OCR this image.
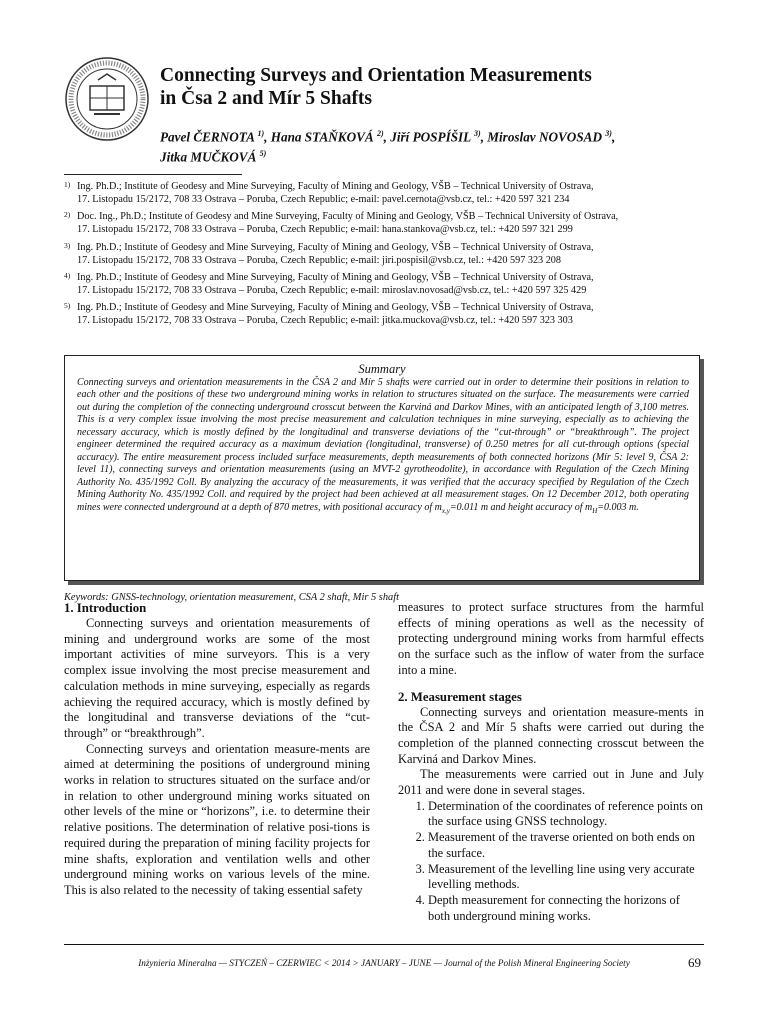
Connecting Surveys and Orientation Measurements
in Čsa 2 and Mír 5 Shafts
Pavel ČERNOTA $^{1)}$, Hana STAŇKOVÁ $^{2)}$, Jiří POSPÍŠIL $^{3)}$, Miroslav NOVOSAD $^{3)}$,
Jitka MUČKOVÁ $^{5)}$
1) Ing. Ph.D.; Institute of Geodesy and Mine Surveying, Faculty of Mining and Geology, VŠB – Technical University of Ostrava,
17. Listopadu 15/2172, 708 33 Ostrava – Poruba, Czech Republic; e-mail: pavel.cernota@vsb.cz, tel.: +420 597 321 234
2) Doc. Ing., Ph.D.; Institute of Geodesy and Mine Surveying, Faculty of Mining and Geology, VŠB – Technical University of Ostrava,
17. Listopadu 15/2172, 708 33 Ostrava – Poruba, Czech Republic; e-mail: hana.stankova@vsb.cz, tel.: +420 597 321 299
3) Ing. Ph.D.; Institute of Geodesy and Mine Surveying, Faculty of Mining and Geology, VŠB – Technical University of Ostrava,
17. Listopadu 15/2172, 708 33 Ostrava – Poruba, Czech Republic; e-mail: jiri.pospisil@vsb.cz, tel.: +420 597 323 208
4) Ing. Ph.D.; Institute of Geodesy and Mine Surveying, Faculty of Mining and Geology, VŠB – Technical University of Ostrava,
17. Listopadu 15/2172, 708 33 Ostrava – Poruba, Czech Republic; e-mail: miroslav.novosad@vsb.cz, tel.: +420 597 325 429
5) Ing. Ph.D.; Institute of Geodesy and Mine Surveying, Faculty of Mining and Geology, VŠB – Technical University of Ostrava,
17. Listopadu 15/2172, 708 33 Ostrava – Poruba, Czech Republic; e-mail: jitka.muckova@vsb.cz, tel.: +420 597 323 303
Summary
Connecting surveys and orientation measurements in the ČSA 2 and Mír 5 shafts were carried out in order to determine their positions in relation to each other and the positions of these two underground mining works in relation to structures situated on the surface. The measurements were carried out during the completion of the connecting underground crosscut between the Karviná and Darkov Mines, with an anticipated length of 3,100 metres. This is a very complex issue involving the most precise measurement and calculation techniques in mine surveying, especially as to achieving the necessary accuracy, which is mostly defined by the longitudinal and transverse deviations of the “cut-through” or “breakthrough”. The project engineer determined the required accuracy as a maximum deviation (longitudinal, transverse) of 0.250 metres for all cut-through options (special accuracy). The entire measurement process included surface measurements, depth measurements of both connected horizons (Mír 5: level 9, ČSA 2: level 11), connecting surveys and orientation measurements (using an MVT-2 gyrotheodolite), in accordance with Regulation of the Czech Mining Authority No. 435/1992 Coll. By analyzing the accuracy of the measurements, it was verified that the accuracy specified by Regulation of the Czech Mining Authority No. 435/1992 Coll. and required by the project had been achieved at all measurement stages. On 12 December 2012, both operating mines were connected underground at a depth of 870 metres, with positional accuracy of $m_{x,y}=0.011$ m and height accuracy of $m_H=0.003$ m.
Keywords: GNSS-technology, orientation measurement, CSA 2 shaft, Mir 5 shaft
1. Introduction

Connecting surveys and orientation measurements of mining and underground works are some of the most important activities of mine surveyors. This is a very complex issue involving the most precise measurement and calculation methods in mine surveying, especially as regards achieving the required accuracy, which is mostly defined by the longitudinal and transverse deviations of the “cut-through” or “breakthrough”.

Connecting surveys and orientation measure-ments are aimed at determining the positions of underground mining works in relation to structures situated on the surface and/or in relation to other underground mining works situated on other levels of the mine or “horizons”, i.e. to determine their relative positions. The determination of relative posi-tions is required during the preparation of mining facility projects for mine shafts, exploration and ventilation wells and other underground mining works on various levels of the mine. This is also related to the necessity of taking essential safety

measures to protect surface structures from the harmful effects of mining operations as well as the necessity of protecting underground mining works from harmful effects on the surface such as the inflow of water from the surface into a mine.

2. Measurement stages

Connecting surveys and orientation measure-ments in the ČSA 2 and Mír 5 shafts were carried out during the completion of the planned connecting crosscut between the Karviná and Darkov Mines.

The measurements were carried out in June and July 2011 and were done in several stages.

1. Determination of the coordinates of reference points on the surface using GNSS technology.
2. Measurement of the traverse oriented on both ends on the surface.
3. Measurement of the levelling line using very accurate levelling methods.
4. Depth measurement for connecting the horizons of both underground mining works.
Inżynieria Mineralna — STYCZEŃ – CZERWIEC < 2014 > JANUARY – JUNE — Journal of the Polish Mineral Engineering Society	69
